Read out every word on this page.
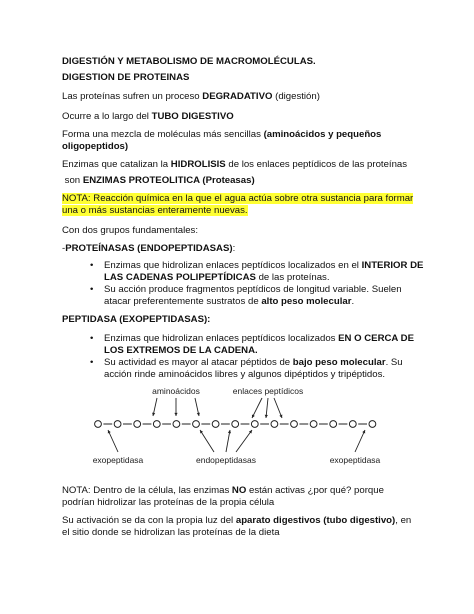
DIGESTIÓN Y METABOLISMO DE MACROMOLÉCULAS.
DIGESTION DE PROTEINAS
Las proteínas sufren un proceso DEGRADATIVO (digestión)
Ocurre a lo largo del TUBO DIGESTIVO
Forma una mezcla de moléculas más sencillas (aminoácidos y pequeños
oligopeptidos)
Enzimas que catalizan la HIDROLISIS de los enlaces peptídicos de las proteínas
son ENZIMAS PROTEOLITICA (Proteasas)
NOTA: Reacción química en la que el agua actúa sobre otra sustancia para formar
una o más sustancias enteramente nuevas.
Con dos grupos fundamentales:
-PROTEÍNASAS (ENDOPEPTIDASAS):
• Enzimas que hidrolizan enlaces peptídicos localizados en el INTERIOR DE
LAS CADENAS POLIPEPTÍDICAS de las proteínas.
• Su acción produce fragmentos peptídicos de longitud variable. Suelen
atacar preferentemente sustratos de alto peso molecular.
PEPTIDASA (EXOPEPTIDASAS):
• Enzimas que hidrolizan enlaces peptídicos localizados EN O CERCA DE
LOS EXTREMOS DE LA CADENA.
• Su actividad es mayor al atacar péptidos de bajo peso molecular. Su
acción rinde aminoácidos libres y algunos dipéptidos y tripéptidos.
aminoácidos	enlaces peptídicos
exopeptidasa	endopeptidasas	exopeptidasa
NOTA: Dentro de la célula, las enzimas NO están activas ¿por qué? porque
podrían hidrolizar las proteínas de la propia célula
Su activación se da con la propia luz del aparato digestivos (tubo digestivo), en
el sitio donde se hidrolizan las proteínas de la dieta
